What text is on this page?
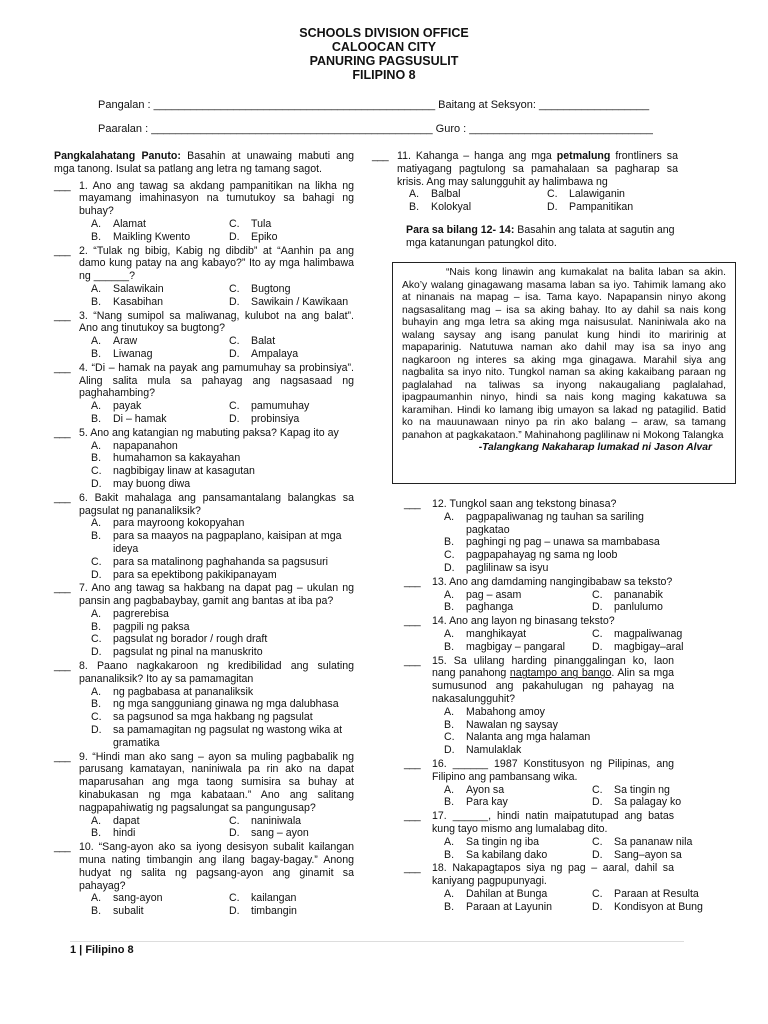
SCHOOLS DIVISION OFFICE
CALOOCAN CITY
PANURING PAGSUSULIT
FILIPINO 8
Pangalan : ______________________________________________ Baitang at Seksyon: __________________
Paaralan : ______________________________________________ Guro : ______________________________

Pangkalahatang Panuto: Basahin at unawaing mabuti ang mga tanong. Isulat sa patlang ang letra ng tamang sagot.

___ 1. Ano ang tawag sa akdang pampanitikan na likha ng mayamang imahinasyon na tumutukoy sa bahagi ng buhay?
A.	Alamat	C.	Tula
B.	Maikling Kwento	D.	Epiko
___ 2. “Tulak ng bibig, Kabig ng dibdib” at “Aanhin pa ang damo kung patay na ang kabayo?” Ito ay mga halimbawa ng ______?
A.	Salawikain	C.	Bugtong
B.	Kasabihan	D.	Sawikain / Kawikaan
___ 3. “Nang sumipol sa maliwanag, kulubot na ang balat”. Ano ang tinutukoy sa bugtong?
A.	Araw	C.	Balat
B.	Liwanag	D.	Ampalaya
___ 4. “Di – hamak na payak ang pamumuhay sa probinsiya”. Aling salita mula sa pahayag ang nagsasaad ng paghahambing?
A.	payak	C.	pamumuhay
B.	Di – hamak	D.	probinsiya
___ 5. Ano ang katangian ng mabuting paksa? Kapag ito ay
A.	napapanahon
B.	humahamon sa kakayahan
C.	nagbibigay linaw at kasagutan
D.	may buong diwa
___ 6. Bakit mahalaga ang pansamantalang balangkas sa pagsulat ng pananaliksik?
A.	para mayroong kokopyahan
B.	para sa maayos na pagpaplano, kaisipan at mga ideya
C.	para sa matalinong paghahanda sa pagsusuri
D.	para sa epektibong pakikipanayam
___ 7. Ano ang tawag sa hakbang na dapat pag – ukulan ng pansin ang pagbabaybay, gamit ang bantas at iba pa?
A.	pagrerebisa
B.	pagpili ng paksa
C.	pagsulat ng borador / rough draft
D.	pagsulat ng pinal na manuskrito
___ 8. Paano nagkakaroon ng kredibilidad ang sulating pananaliksik? Ito ay sa pamamagitan
A.	ng pagbabasa at pananaliksik
B.	ng mga sangguniang ginawa ng mga dalubhasa
C.	sa pagsunod sa mga hakbang ng pagsulat
D.	sa pamamagitan ng pagsulat ng wastong wika at gramatika
___ 9. “Hindi man ako sang – ayon sa muling pagbabalik ng parusang kamatayan, naniniwala pa rin ako na dapat maparusahan ang mga taong sumisira sa buhay at kinabukasan ng mga kabataan.” Ano ang salitang nagpapahiwatig ng pagsalungat sa pangungusap?
A.	dapat	C.	naniniwala
B.	hindi	D.	sang – ayon
___ 10. “Sang-ayon ako sa iyong desisyon subalit kailangan muna nating timbangin ang ilang bagay-bagay.” Anong hudyat ng salita ng pagsang-ayon ang ginamit sa pahayag?
A.	sang-ayon	C.	kailangan
B.	subalit	D.	timbangin
___ 11. Kahanga – hanga ang mga petmalung frontliners sa matiyagang pagtulong sa pamahalaan sa pagharap sa krisis. Ang may salungguhit ay halimbawa ng
A.	Balbal	C.	Lalawiganin
B.	Kolokyal	D.	Pampanitikan

Para sa bilang 12- 14: Basahin ang talata at sagutin ang mga katanungan patungkol dito.

“Nais kong linawin ang kumakalat na balita laban sa akin. Ako’y walang ginagawang masama laban sa iyo. Tahimik lamang ako at ninanais na mapag – isa. Tama kayo. Napapansin ninyo akong nagsasalitang mag – isa sa aking bahay. Ito ay dahil sa nais kong buhayin ang mga letra sa aking mga naisusulat. Naniniwala ako na walang saysay ang isang panulat kung hindi ito maririnig at mapaparinig. Natutuwa naman ako dahil may isa sa inyo ang nagkaroon ng interes sa aking mga ginagawa. Marahil siya ang nagbalita sa inyo nito. Tungkol naman sa aking kakaibang paraan ng paglalahad na taliwas sa inyong nakaugaliang paglalahad, ipagpaumanhin ninyo, hindi sa nais kong maging kakatuwa sa karamihan. Hindi ko lamang ibig umayon sa lakad ng patagilid. Batid ko na mauunawaan ninyo pa rin ako balang – araw, sa tamang panahon at pagkakataon.” Mahinahong paglilinaw ni Mokong Talangka
-Talangkang Nakaharap lumakad ni Jason Alvar
___ 12. Tungkol saan ang tekstong binasa?
A.	pagpapaliwanag ng tauhan sa sariling pagkatao
B.	paghingi ng pag – unawa sa mambabasa
C.	pagpapahayag ng sama ng loob
D.	paglilinaw sa isyu
___ 13. Ano ang damdaming nangingibabaw sa teksto?
A.	pag – asam	C.	pananabik
B.	paghanga	D.	panlulumo
___ 14. Ano ang layon ng binasang teksto?
A.	manghikayat	C.	magpaliwanag
B.	magbigay – pangaral	D.	magbigay–aral
___ 15. Sa ulilang harding pinanggalingan ko, laon nang panahong nagtampo ang bango. Alin sa mga sumusunod ang pakahulugan ng pahayag na nakasalungguhit?
A.	Mabahong amoy
B.	Nawalan ng saysay
C.	Nalanta ang mga halaman
D.	Namulaklak
___ 16. ______ 1987 Konstitusyon ng Pilipinas, ang Filipino ang pambansang wika.
A.	Ayon sa	C.	Sa tingin ng
B.	Para kay	D.	Sa palagay ko
___ 17. ______, hindi natin maipatutupad ang batas kung tayo mismo ang lumalabag dito.
A.	Sa tingin ng iba	C.	Sa pananaw nila
B.	Sa kabilang dako	D.	Sang–ayon sa
___ 18. Nakapagtapos siya ng pag – aaral, dahil sa kaniyang pagpupunyagi.
A.	Dahilan at Bunga	C.	Paraan at Resulta
B.	Paraan at Layunin	D.	Kondisyon at Bung
1 | Filipino 8
